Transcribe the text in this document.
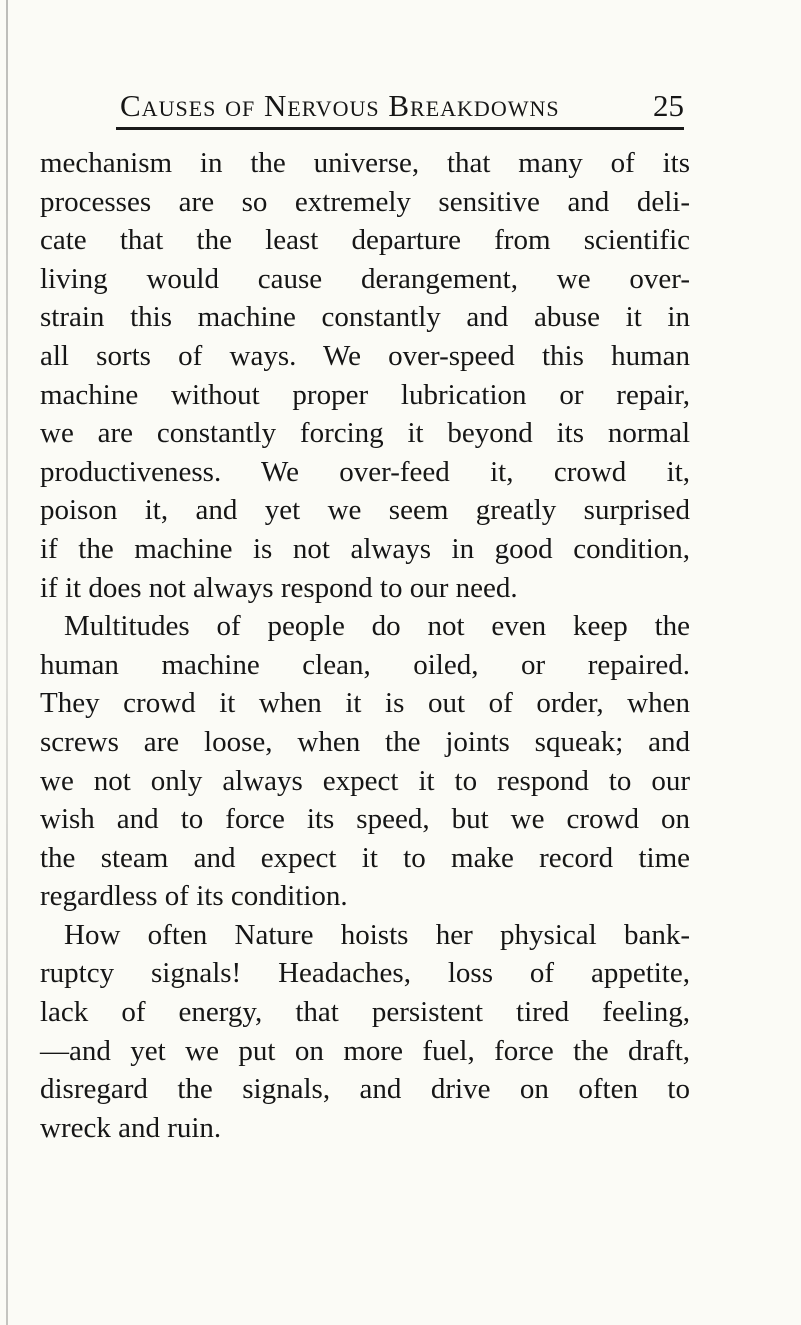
Causes of Nervous Breakdowns	25
mechanism in the universe, that many of its
processes are so extremely sensitive and deli-
cate that the least departure from scientific
living would cause derangement, we over-
strain this machine constantly and abuse it in
all sorts of ways. We over-speed this human
machine without proper lubrication or repair,
we are constantly forcing it beyond its normal
productiveness. We over-feed it, crowd it,
poison it, and yet we seem greatly surprised
if the machine is not always in good condition,
if it does not always respond to our need.
Multitudes of people do not even keep the
human machine clean, oiled, or repaired.
They crowd it when it is out of order, when
screws are loose, when the joints squeak; and
we not only always expect it to respond to our
wish and to force its speed, but we crowd on
the steam and expect it to make record time
regardless of its condition.
How often Nature hoists her physical bank-
ruptcy signals! Headaches, loss of appetite,
lack of energy, that persistent tired feeling,
—and yet we put on more fuel, force the draft,
disregard the signals, and drive on often to
wreck and ruin.
